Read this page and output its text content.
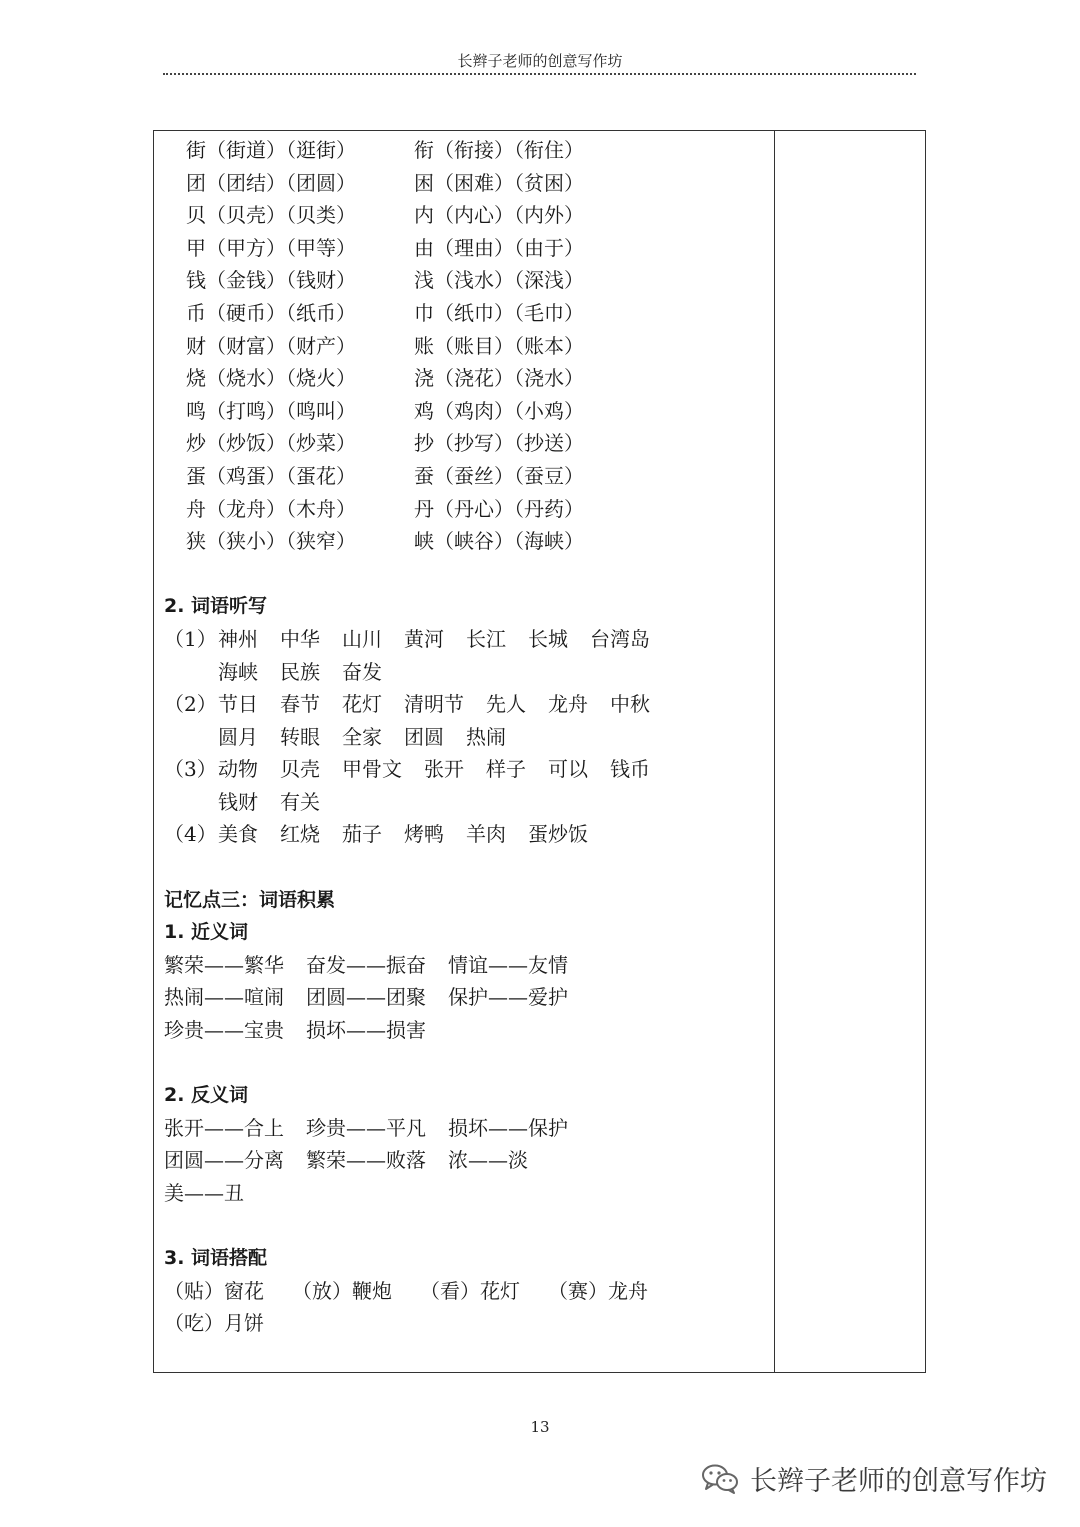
长辫子老师的创意写作坊
街（街道）（逛街）	衔（衔接）（衔住）
团（团结）（团圆）	困（困难）（贫困）
贝（贝壳）（贝类）	内（内心）（内外）
甲（甲方）（甲等）	由（理由）（由于）
钱（金钱）（钱财）	浅（浅水）（深浅）
币（硬币）（纸币）	巾（纸巾）（毛巾）
财（财富）（财产）	账（账目）（账本）
烧（烧水）（烧火）	浇（浇花）（浇水）
鸣（打鸣）（鸣叫）	鸡（鸡肉）（小鸡）
炒（炒饭）（炒菜）	抄（抄写）（抄送）
蛋（鸡蛋）（蛋花）	蚕（蚕丝）（蚕豆）
舟（龙舟）（木舟）	丹（丹心）（丹药）
狭（狭小）（狭窄）	峡（峡谷）（海峡）
2. 词语听写
（1）神州 中华 山川 黄河 长江 长城 台湾岛
海峡 民族 奋发
（2）节日 春节 花灯 清明节 先人 龙舟 中秋
圆月 转眼 全家 团圆 热闹
（3）动物 贝壳 甲骨文 张开 样子 可以 钱币
钱财 有关
（4）美食 红烧 茄子 烤鸭 羊肉 蛋炒饭
记忆点三：词语积累
1. 近义词
繁荣——繁华 奋发——振奋 情谊——友情
热闹——喧闹 团圆——团聚 保护——爱护
珍贵——宝贵 损坏——损害
2. 反义词
张开——合上 珍贵——平凡 损坏——保护
团圆——分离 繁荣——败落 浓——淡
美——丑
3. 词语搭配
（贴）窗花 （放）鞭炮 （看）花灯 （赛）龙舟
（吃）月饼
13
长辫子老师的创意写作坊
